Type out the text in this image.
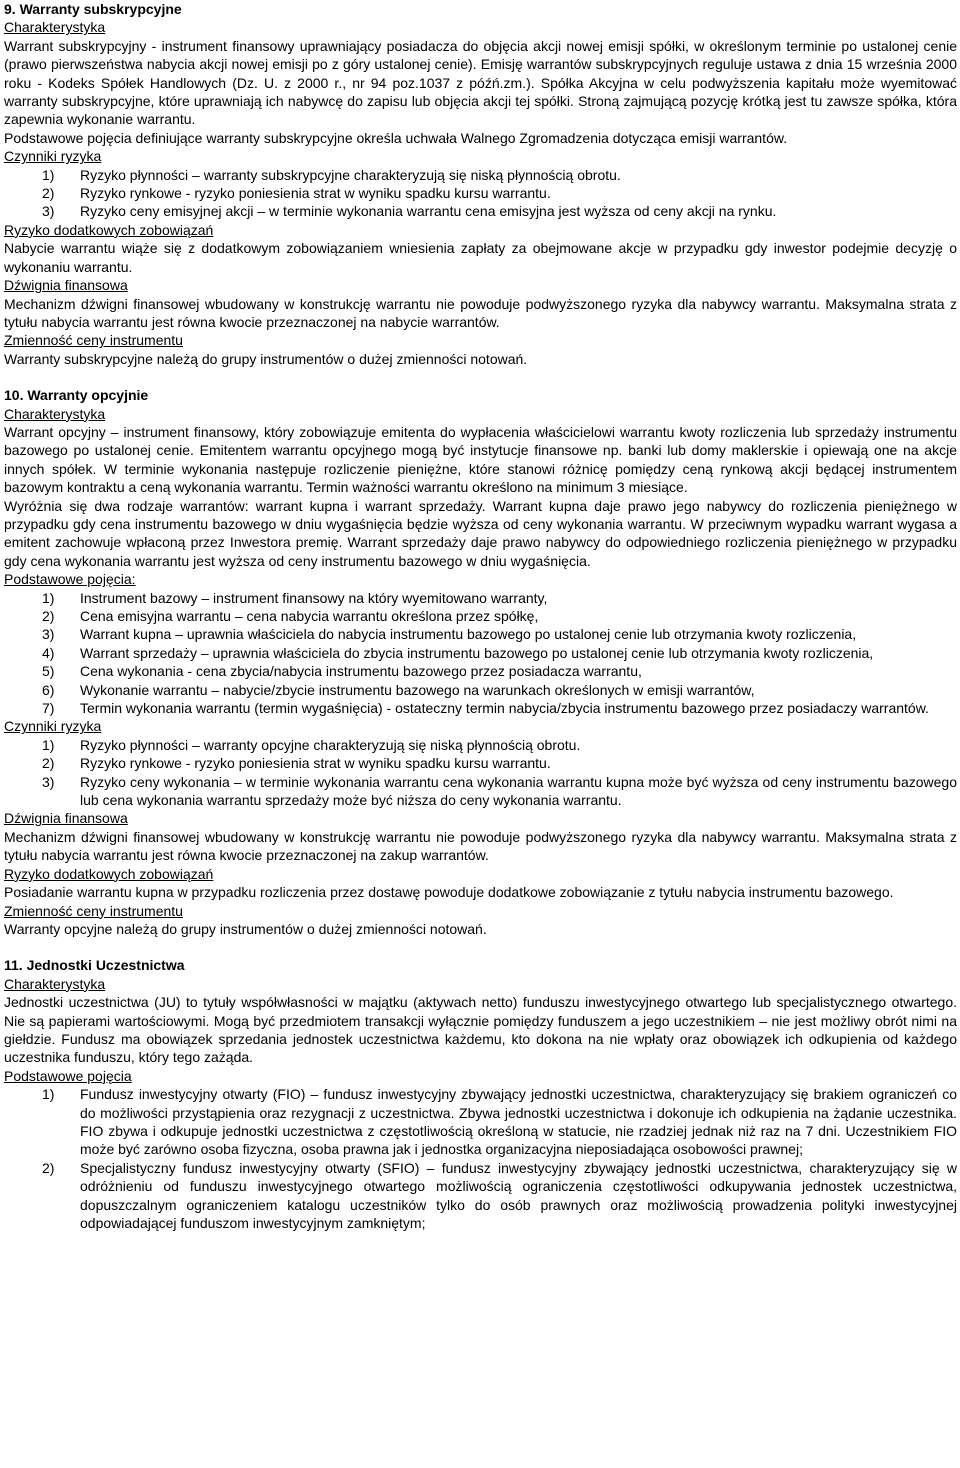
9. Warranty subskrypcyjne
Charakterystyka

Warrant subskrypcyjny - instrument finansowy uprawniający posiadacza do objęcia akcji nowej emisji spółki, w określonym terminie po ustalonej cenie (prawo pierwszeństwa nabycia akcji nowej emisji po z góry ustalonej cenie). Emisję warrantów subskrypcyjnych reguluje ustawa z dnia 15 września 2000 roku - Kodeks Spółek Handlowych (Dz. U. z 2000 r., nr 94 poz.1037 z późń.zm.). Spółka Akcyjna w celu podwyższenia kapitału może wyemitować warranty subskrypcyjne, które uprawniają ich nabywcę do zapisu lub objęcia akcji tej spółki. Stroną zajmującą pozycję krótką jest tu zawsze spółka, która zapewnia wykonanie warrantu.

Podstawowe pojęcia definiujące warranty subskrypcyjne określa uchwała Walnego Zgromadzenia dotycząca emisji warrantów.

Czynniki ryzyka
1)	Ryzyko płynności – warranty subskrypcyjne charakteryzują się niską płynnością obrotu.
2)	Ryzyko rynkowe - ryzyko poniesienia strat w wyniku spadku kursu warrantu.
3)	Ryzyko ceny emisyjnej akcji – w terminie wykonania warrantu cena emisyjna jest wyższa od ceny akcji na rynku.
Ryzyko dodatkowych zobowiązań

Nabycie warrantu wiąże się z dodatkowym zobowiązaniem wniesienia zapłaty za obejmowane akcje w przypadku gdy inwestor podejmie decyzję o wykonaniu warrantu.

Dźwignia finansowa

Mechanizm dźwigni finansowej wbudowany w konstrukcję warrantu nie powoduje podwyższonego ryzyka dla nabywcy warrantu. Maksymalna strata z tytułu nabycia warrantu jest równa kwocie przeznaczonej na nabycie warrantów.

Zmienność ceny instrumentu

Warranty subskrypcyjne należą do grupy instrumentów o dużej zmienności notowań.

10. Warranty opcyjnie
Charakterystyka

Warrant opcyjny – instrument finansowy, który zobowiązuje emitenta do wypłacenia właścicielowi warrantu kwoty rozliczenia lub sprzedaży instrumentu bazowego po ustalonej cenie. Emitentem warrantu opcyjnego mogą być instytucje finansowe np. banki lub domy maklerskie i opiewają one na akcje innych spółek. W terminie wykonania następuje rozliczenie pieniężne, które stanowi różnicę pomiędzy ceną rynkową akcji będącej instrumentem bazowym kontraktu a ceną wykonania warrantu. Termin ważności warrantu określono na minimum 3 miesiące.

Wyróżnia się dwa rodzaje warrantów: warrant kupna i warrant sprzedaży. Warrant kupna daje prawo jego nabywcy do rozliczenia pieniężnego w przypadku gdy cena instrumentu bazowego w dniu wygaśnięcia będzie wyższa od ceny wykonania warrantu. W przeciwnym wypadku warrant wygasa a emitent zachowuje wpłaconą przez Inwestora premię. Warrant sprzedaży daje prawo nabywcy do odpowiedniego rozliczenia pieniężnego w przypadku gdy cena wykonania warrantu jest wyższa od ceny instrumentu bazowego w dniu wygaśnięcia.

Podstawowe pojęcia:
1)	Instrument bazowy – instrument finansowy na który wyemitowano warranty,
2)	Cena emisyjna warrantu – cena nabycia warrantu określona przez spółkę,
3)	Warrant kupna – uprawnia właściciela do nabycia instrumentu bazowego po ustalonej cenie lub otrzymania kwoty rozliczenia,
4)	Warrant sprzedaży – uprawnia właściciela do zbycia instrumentu bazowego po ustalonej cenie lub otrzymania kwoty rozliczenia,
5)	Cena wykonania - cena zbycia/nabycia instrumentu bazowego przez posiadacza warrantu,
6)	Wykonanie warrantu – nabycie/zbycie instrumentu bazowego na warunkach określonych w emisji warrantów,
7)	Termin wykonania warrantu (termin wygaśnięcia) - ostateczny termin nabycia/zbycia instrumentu bazowego przez posiadaczy warrantów.
Czynniki ryzyka
1)	Ryzyko płynności – warranty opcyjne charakteryzują się niską płynnością obrotu.
2)	Ryzyko rynkowe - ryzyko poniesienia strat w wyniku spadku kursu warrantu.
3)	Ryzyko ceny wykonania – w terminie wykonania warrantu cena wykonania warrantu kupna może być wyższa od ceny instrumentu bazowego lub cena wykonania warrantu sprzedaży może być niższa do ceny wykonania warrantu.
Dźwignia finansowa

Mechanizm dźwigni finansowej wbudowany w konstrukcję warrantu nie powoduje podwyższonego ryzyka dla nabywcy warrantu. Maksymalna strata z tytułu nabycia warrantu jest równa kwocie przeznaczonej na zakup warrantów.

Ryzyko dodatkowych zobowiązań

Posiadanie warrantu kupna w przypadku rozliczenia przez dostawę powoduje dodatkowe zobowiązanie z tytułu nabycia instrumentu bazowego.

Zmienność ceny instrumentu

Warranty opcyjne należą do grupy instrumentów o dużej zmienności notowań.

11. Jednostki Uczestnictwa
Charakterystyka

Jednostki uczestnictwa (JU) to tytuły współwłasności w majątku (aktywach netto) funduszu inwestycyjnego otwartego lub specjalistycznego otwartego. Nie są papierami wartościowymi. Mogą być przedmiotem transakcji wyłącznie pomiędzy funduszem a jego uczestnikiem – nie jest możliwy obrót nimi na giełdzie. Fundusz ma obowiązek sprzedania jednostek uczestnictwa każdemu, kto dokona na nie wpłaty oraz obowiązek ich odkupienia od każdego uczestnika funduszu, który tego zażąda.

Podstawowe pojęcia
1)	Fundusz inwestycyjny otwarty (FIO) – fundusz inwestycyjny zbywający jednostki uczestnictwa, charakteryzujący się brakiem ograniczeń co do możliwości przystąpienia oraz rezygnacji z uczestnictwa. Zbywa jednostki uczestnictwa i dokonuje ich odkupienia na żądanie uczestnika. FIO zbywa i odkupuje jednostki uczestnictwa z częstotliwością określoną w statucie, nie rzadziej jednak niż raz na 7 dni. Uczestnikiem FIO może być zarówno osoba fizyczna, osoba prawna jak i jednostka organizacyjna nieposiadająca osobowości prawnej;
2)	Specjalistyczny fundusz inwestycyjny otwarty (SFIO) – fundusz inwestycyjny zbywający jednostki uczestnictwa, charakteryzujący się w odróżnieniu od funduszu inwestycyjnego otwartego możliwością ograniczenia częstotliwości odkupywania jednostek uczestnictwa, dopuszczalnym ograniczeniem katalogu uczestników tylko do osób prawnych oraz możliwością prowadzenia polityki inwestycyjnej odpowiadającej funduszom inwestycyjnym zamkniętym;
